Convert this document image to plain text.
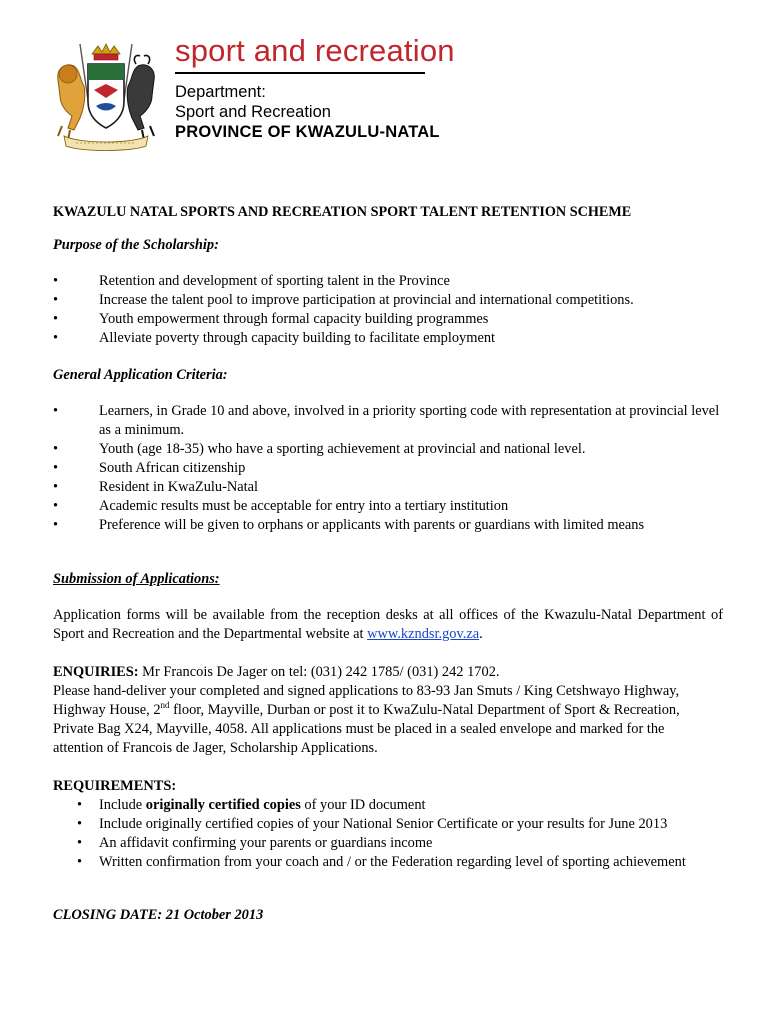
sport and recreation
Department:
Sport and Recreation
PROVINCE OF KWAZULU-NATAL

KWAZULU NATAL SPORTS AND RECREATION SPORT TALENT RETENTION SCHEME

Purpose of the Scholarship:

•	Retention and development of sporting talent in the Province
•	Increase the talent pool to improve participation at provincial and international competitions.
•	Youth empowerment through formal capacity building programmes
•	Alleviate poverty through capacity building to facilitate employment

General Application Criteria:

•	Learners, in Grade 10 and above, involved in a priority sporting code with representation at provincial level as a minimum.
•	Youth (age 18-35) who have a sporting achievement at provincial and national level.
•	South African citizenship
•	Resident in KwaZulu-Natal
•	Academic results must be acceptable for entry into a tertiary institution
•	Preference will be given to orphans or applicants with parents or guardians with limited means

Submission of Applications:

Application forms will be available from the reception desks at all offices of the Kwazulu-Natal Department of Sport and Recreation and the Departmental website at www.kzndsr.gov.za.

ENQUIRIES: Mr Francois De Jager on tel: (031) 242 1785/ (031) 242 1702.

Please hand-deliver your completed and signed applications to 83-93 Jan Smuts / King Cetshwayo Highway,

Highway House, 2nd floor, Mayville, Durban or post it to KwaZulu-Natal Department of Sport & Recreation,

Private Bag X24, Mayville, 4058. All applications must be placed in a sealed envelope and marked for the

attention of Francois de Jager, Scholarship Applications.

REQUIREMENTS:

• Include originally certified copies of your ID document
• Include originally certified copies of your National Senior Certificate or your results for June 2013
• An affidavit confirming your parents or guardians income
• Written confirmation from your coach and / or the Federation regarding level of sporting achievement

CLOSING DATE: 21 October 2013
